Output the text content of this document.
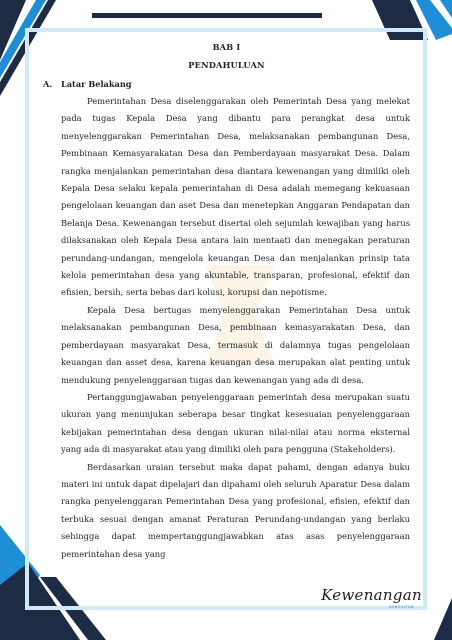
BAB I

PENDAHULUAN

A.	Latar Belakang

Pemerintahan Desa diselenggarakan oleh Pemerintah Desa yang melekat pada tugas Kepala Desa yang dibantu para perangkat desa untuk menyelenggarakan Pemerintahan Desa, melaksanakan pembangunan Desa, Pembinaan Kemasyarakatan Desa dan Pemberdayaan masyarakat Desa. Dalam rangka menjalankan pemerintahan desa diantara kewenangan yang dimiliki oleh Kepala Desa selaku kepala pemerintahan di Desa adalah memegang kekuasaan pengelolaan keuangan dan aset Desa dan menetepkan Anggaran Pendapatan dan Belanja Desa. Kewenangan tersebut disertai oleh sejumlah kewajiban yang harus dilaksanakan oleh Kepala Desa antara lain mentaati dan menegakan peraturan perundang-undangan, mengelola keuangan Desa dan menjalankan prinsip tata kelola pemerintahan desa yang akuntable, transparan, profesional, efektif dan efisien, bersih, serta bebas dari kolusi, korupsi dan nepotisme.

Kepala Desa bertugas menyelenggarakan Pemerintahan Desa untuk melaksanakan pembangunan Desa, pembinaan kemasyarakatan Desa, dan pemberdayaan masyarakat Desa, termasuk di dalamnya tugas pengelolaan keuangan dan asset desa, karena keuangan desa merupakan alat penting untuk mendukung penyelenggaraan tugas dan kewenangan yang ada di desa.

Pertanggungjawaban penyelenggaraan pemerintah desa merupakan suatu ukuran yang menunjukan seberapa besar tingkat kesesuaian penyelenggaraan kebijakan pemerintahan desa dengan ukuran nilai-nilai atau norma eksternal yang ada di masyarakat atau yang dimiliki oleh para pengguna (Stakeholders).

Berdasarkan uraian tersebut maka dapat pahami, dengan adanya buku materi ini untuk dapat dipelajari dan dipahami oleh seluruh Aparatur Desa dalam rangka penyelenggaran Pemerintahan Desa yang profesional, efisien, efektif dan terbuka sesuai dengan amanat Peraturan Perundang-undangan yang berlaku sehingga dapat mempertanggungjawabkan atas asas penyelenggaraan pemerintahan desa yang

Kewenangan
KONSULTAN
